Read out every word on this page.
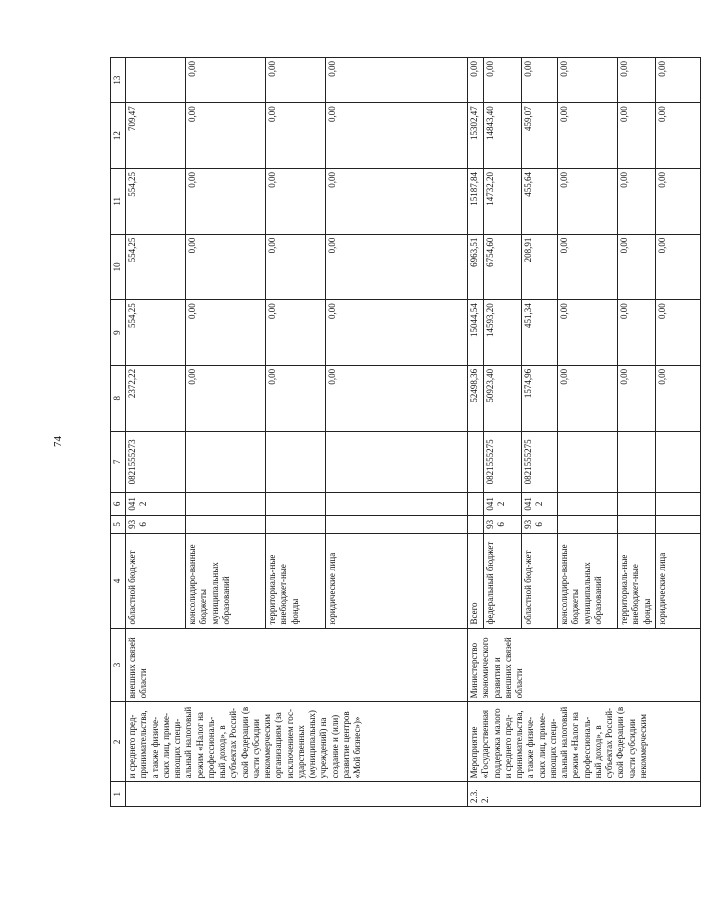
74
1	2	3	4	5	6	7	8	9	10	11	12	13
	и среднего пред-принимательства, а также физиче-ских лиц, приме-няющих специ-альный налоговый режим «Налог на профессиональ-ный доход», в субъектах Россий-ской Федерации (в части субсидии некоммерческим организациям (за исключением гос-ударственных (муниципальных) учреждений) на создание и (или) развитие центров «Мой бизнес»)»	внешних связей области	областной бюд-жет	936	0412	0821555273	2372,22	554,25	554,25	554,25	709,47	
			консолидиро-ванные бюджеты муниципальных образований				0,00	0,00	0,00	0,00	0,00	0,00
			территориаль-ные внебюджет-ные фонды				0,00	0,00	0,00	0,00	0,00	0,00
			юридические лица				0,00	0,00	0,00	0,00	0,00	0,00
2.3.2.	Мероприятие «Государственная поддержка малого и среднего пред-принимательства, а также физиче-ских лиц, приме-няющих специ-альный налоговый режим «Налог на профессиональ-ный доход», в субъектах Россий-ской Федерации (в части субсидии некоммерческим	Министерство экономического развития и внешних связей области	Всего				52498,36	15044,54	6963,51	15187,84	15302,47	0,00
			федеральный бюджет	936	0412	0821555275	50923,40	14593,20	6754,60	14732,20	14843,40	0,00
			областной бюд-жет	936	0412	0821555275	1574,96	451,34	208,91	455,64	459,07	0,00
			консолидиро-ванные бюджеты муниципальных образований				0,00	0,00	0,00	0,00	0,00	0,00
			территориаль-ные внебюджет-ные фонды				0,00	0,00	0,00	0,00	0,00	0,00
			юридические лица				0,00	0,00	0,00	0,00	0,00	0,00
